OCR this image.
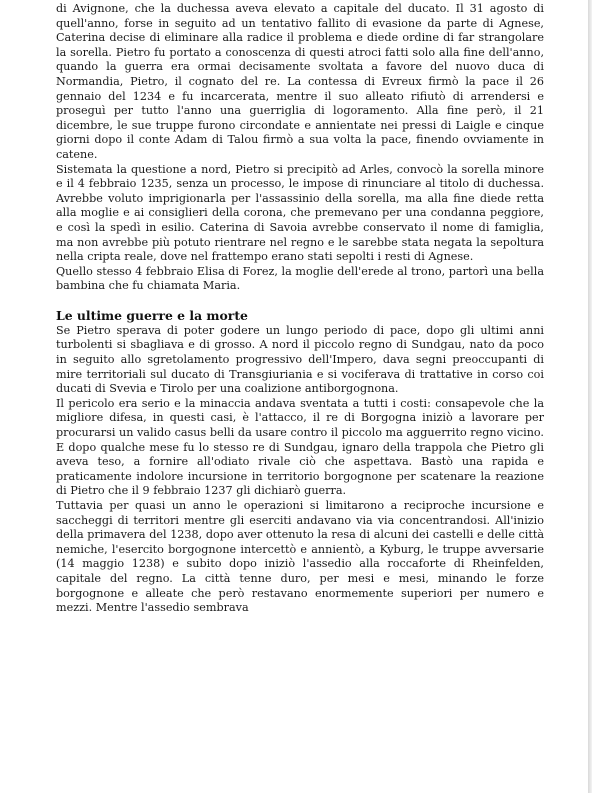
di Avignone, che la duchessa aveva elevato a capitale del ducato. Il 31 agosto di quell'anno, forse in seguito ad un tentativo fallito di evasione da parte di Agnese, Caterina decise di eliminare alla radice il problema e diede ordine di far strangolare la sorella. Pietro fu portato a conoscenza di questi atroci fatti solo alla fine dell'anno, quando la guerra era ormai decisamente svoltata a favore del nuovo duca di Normandia, Pietro, il cognato del re. La contessa di Evreux firmò la pace il 26 gennaio del 1234 e fu incarcerata, mentre il suo alleato rifiutò di arrendersi e proseguì per tutto l'anno una guerriglia di logoramento. Alla fine però, il 21 dicembre, le sue truppe furono circondate e annientate nei pressi di Laigle e cinque giorni dopo il conte Adam di Talou firmò a sua volta la pace, finendo ovviamente in catene.

Sistemata la questione a nord, Pietro si precipitò ad Arles, convocò la sorella minore e il 4 febbraio 1235, senza un processo, le impose di rinunciare al titolo di duchessa. Avrebbe voluto imprigionarla per l'assassinio della sorella, ma alla fine diede retta alla moglie e ai consiglieri della corona, che premevano per una condanna peggiore, e così la spedì in esilio. Caterina di Savoia avrebbe conservato il nome di famiglia, ma non avrebbe più potuto rientrare nel regno e le sarebbe stata negata la sepoltura nella cripta reale, dove nel frattempo erano stati sepolti i resti di Agnese.

Quello stesso 4 febbraio Elisa di Forez, la moglie dell'erede al trono, partorì una bella bambina che fu chiamata Maria.

Le ultime guerre e la morte

Se Pietro sperava di poter godere un lungo periodo di pace, dopo gli ultimi anni turbolenti si sbagliava e di grosso. A nord il piccolo regno di Sundgau, nato da poco in seguito allo sgretolamento progressivo dell'Impero, dava segni preoccupanti di mire territoriali sul ducato di Transgiuriania e si vociferava di trattative in corso coi ducati di Svevia e Tirolo per una coalizione antiborgognona.

Il pericolo era serio e la minaccia andava sventata a tutti i costi: consapevole che la migliore difesa, in questi casi, è l'attacco, il re di Borgogna iniziò a lavorare per procurarsi un valido casus belli da usare contro il piccolo ma agguerrito regno vicino. E dopo qualche mese fu lo stesso re di Sundgau, ignaro della trappola che Pietro gli aveva teso, a fornire all'odiato rivale ciò che aspettava. Bastò una rapida e praticamente indolore incursione in territorio borgognone per scatenare la reazione di Pietro che il 9 febbraio 1237 gli dichiarò guerra.

Tuttavia per quasi un anno le operazioni si limitarono a reciproche incursione e saccheggi di territori mentre gli eserciti andavano via via concentrandosi. All'inizio della primavera del 1238, dopo aver ottenuto la resa di alcuni dei castelli e delle città nemiche, l'esercito borgognone intercettò e annientò, a Kyburg, le truppe avversarie (14 maggio 1238) e subito dopo iniziò l'assedio alla roccaforte di Rheinfelden, capitale del regno. La città tenne duro, per mesi e mesi, minando le forze borgognone e alleate che però restavano enormemente superiori per numero e mezzi. Mentre l'assedio sembrava
